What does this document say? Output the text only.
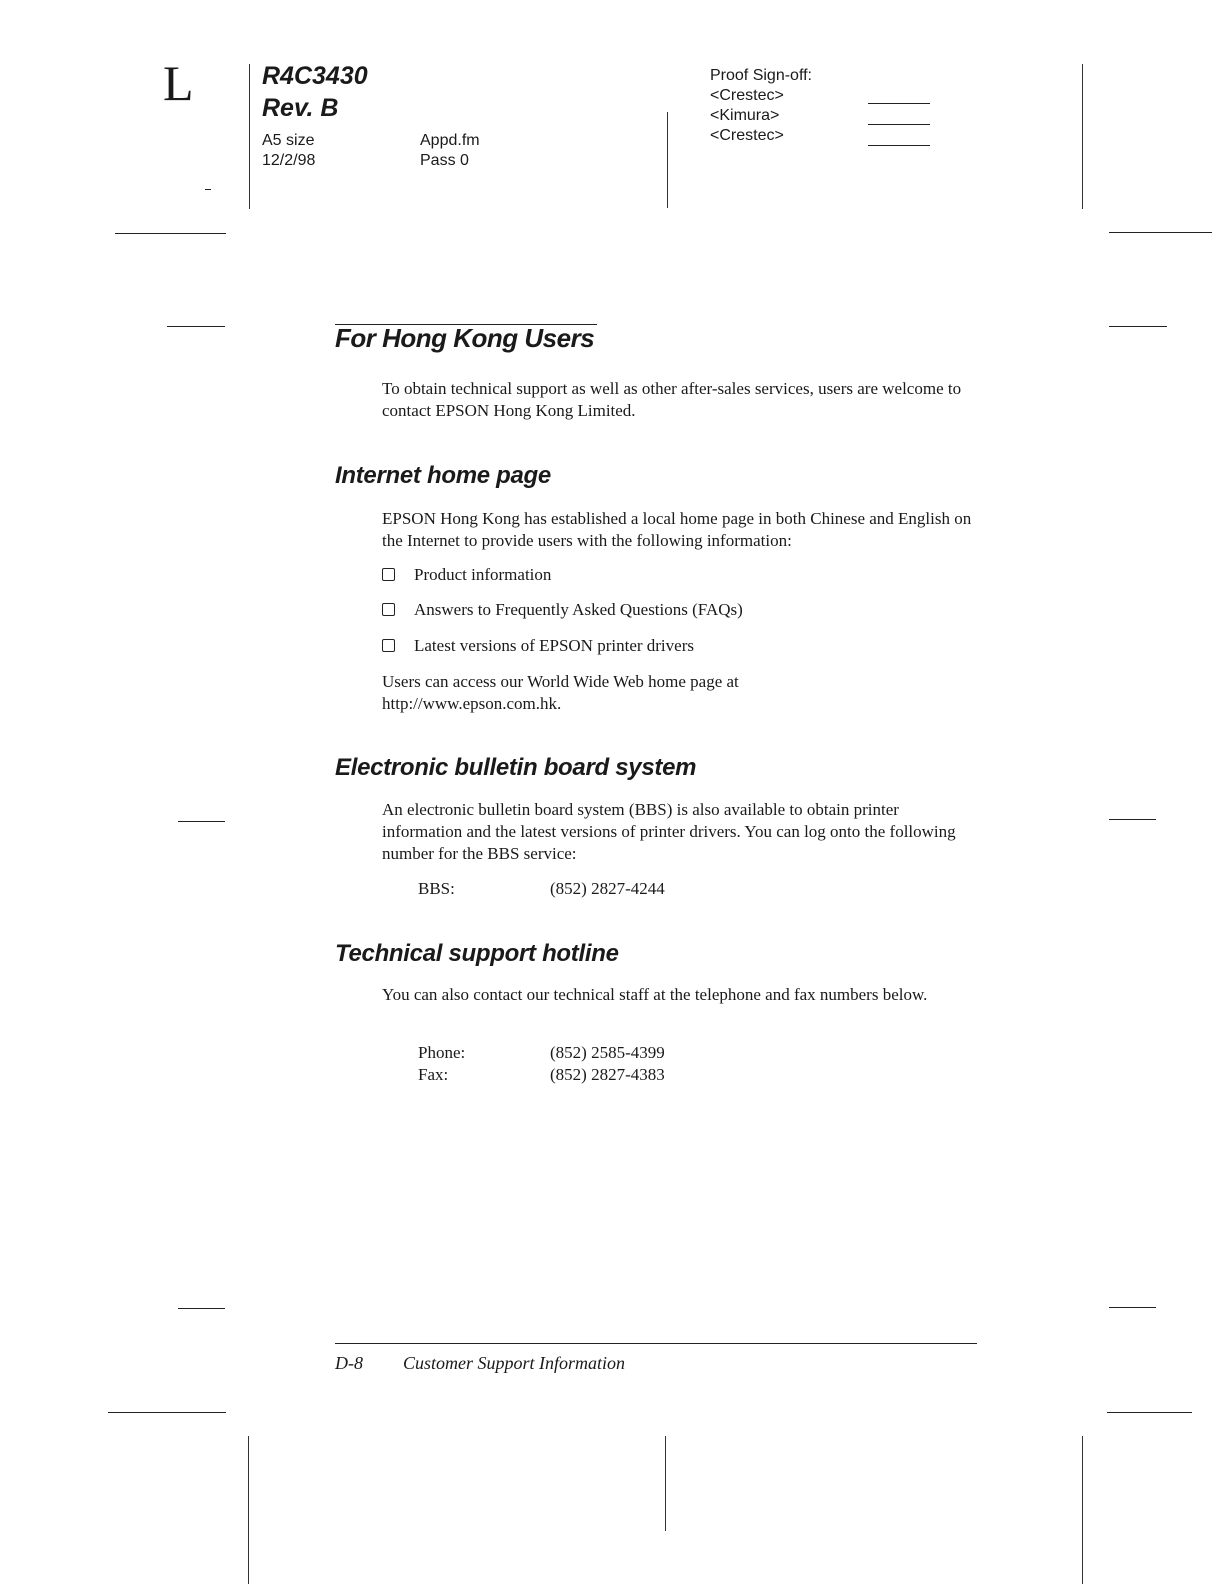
L	R4C3430
Rev. B
A5 size
12/2/98
Appd.fm
Pass 0
Proof Sign-off:
<Crestec>
<Kimura>
<Crestec>
For Hong Kong Users
To obtain technical support as well as other after-sales services, users are welcome to contact EPSON Hong Kong Limited.
Internet home page
EPSON Hong Kong has established a local home page in both Chinese and English on the Internet to provide users with the following information:
Product information
Answers to Frequently Asked Questions (FAQs)
Latest versions of EPSON printer drivers
Users can access our World Wide Web home page at
http://www.epson.com.hk.
Electronic bulletin board system
An electronic bulletin board system (BBS) is also available to obtain printer information and the latest versions of printer drivers. You can log onto the following number for the BBS service:
BBS:	(852) 2827-4244
Technical support hotline
You can also contact our technical staff at the telephone and fax numbers below.
Phone:	(852) 2585-4399
Fax:	(852) 2827-4383
D-8 Customer Support Information
